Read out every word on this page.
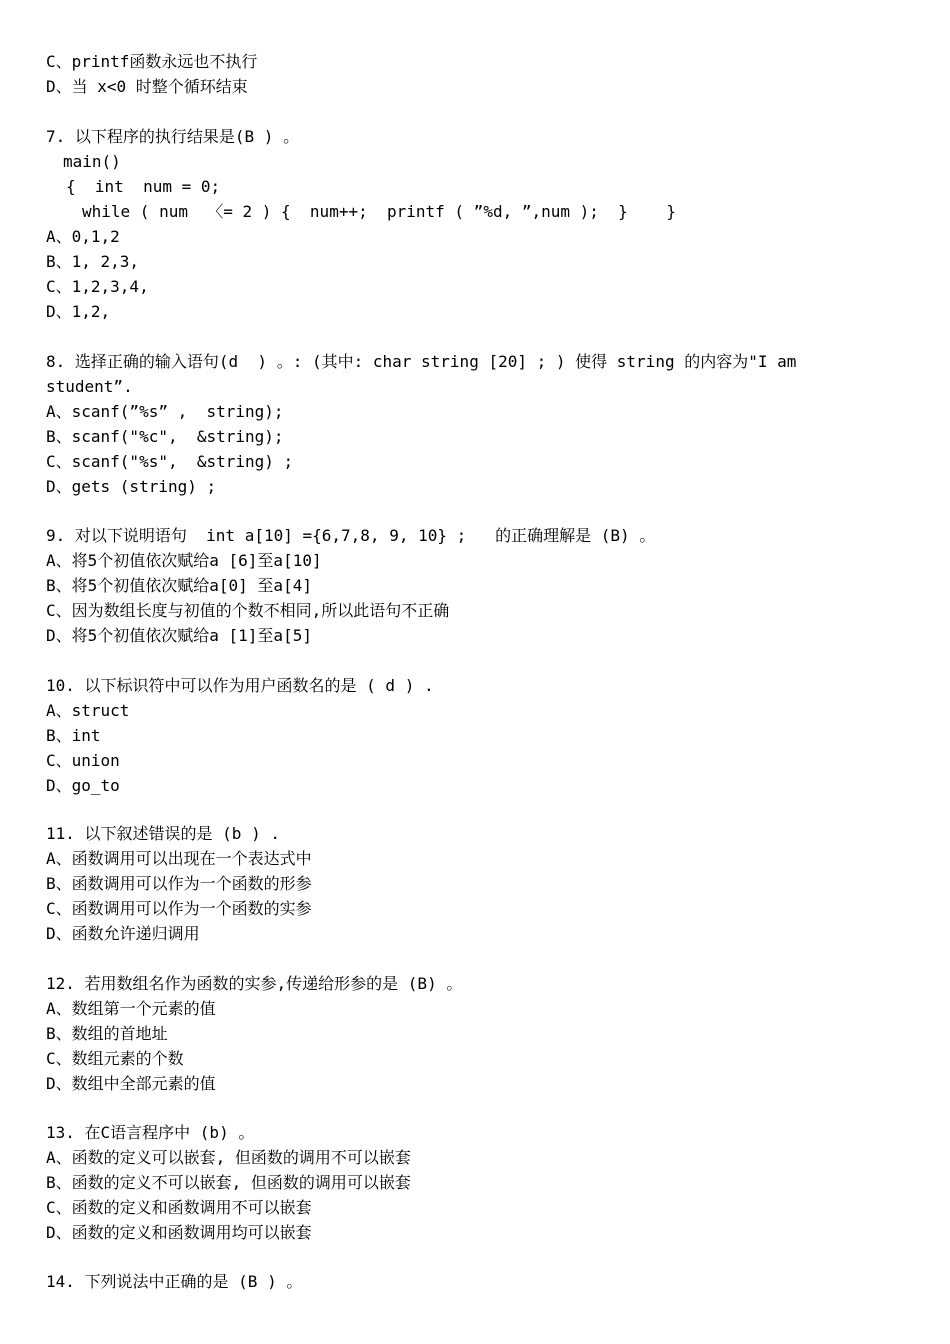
C、printf函数永远也不执行
D、当 x<0 时整个循环结束
7. 以下程序的执行结果是(B ) 。
main()
{  int  num = 0;
while ( num  〈= 2 ) {  num++;  printf ( ”%d, ”,num );  }    }
A、0,1,2
B、1, 2,3,
C、1,2,3,4,
D、1,2,
8. 选择正确的输入语句(d  ) 。: (其中: char string [20] ; ) 使得 string 的内容为"I am
student”.
A、scanf(”%s” ,  string);
B、scanf("%c",  &string);
C、scanf("%s",  &string) ;
D、gets (string) ;
9. 对以下说明语句  int a[10] ={6,7,8, 9, 10} ;   的正确理解是 (B) 。
A、将5个初值依次赋给a [6]至a[10]
B、将5个初值依次赋给a[0] 至a[4]
C、因为数组长度与初值的个数不相同,所以此语句不正确
D、将5个初值依次赋给a [1]至a[5]
10. 以下标识符中可以作为用户函数名的是 ( d ) .
A、struct
B、int
C、union
D、go_to
11. 以下叙述错误的是 (b ) .
A、函数调用可以出现在一个表达式中
B、函数调用可以作为一个函数的形参
C、函数调用可以作为一个函数的实参
D、函数允许递归调用
12. 若用数组名作为函数的实参,传递给形参的是 (B) 。
A、数组第一个元素的值
B、数组的首地址
C、数组元素的个数
D、数组中全部元素的值
13. 在C语言程序中 (b) 。
A、函数的定义可以嵌套, 但函数的调用不可以嵌套
B、函数的定义不可以嵌套, 但函数的调用可以嵌套
C、函数的定义和函数调用不可以嵌套
D、函数的定义和函数调用均可以嵌套
14. 下列说法中正确的是 (B ) 。
